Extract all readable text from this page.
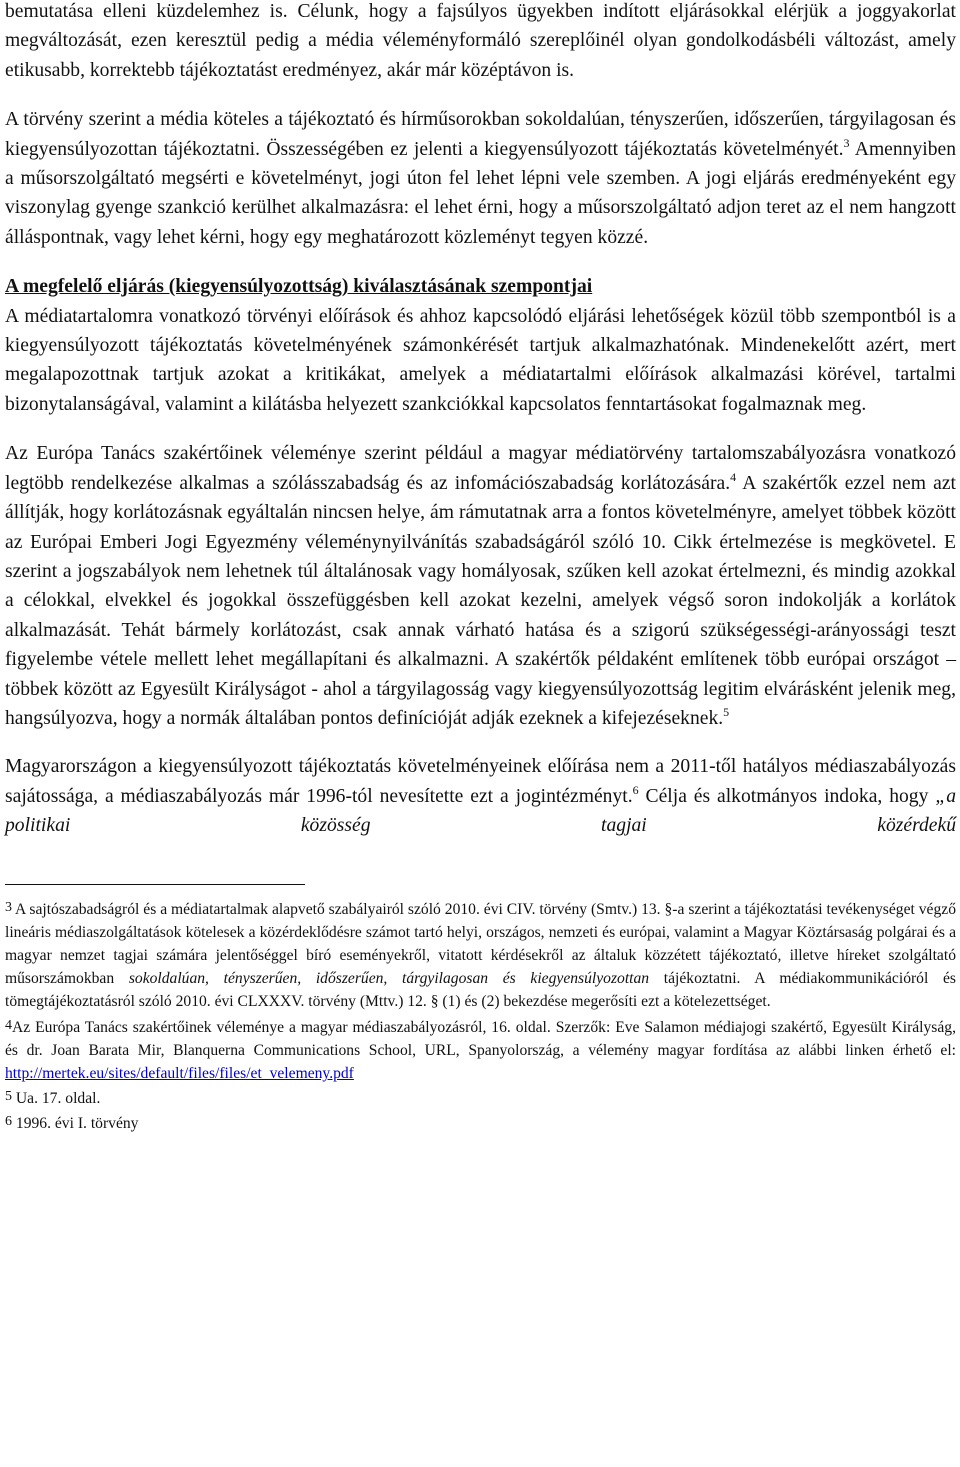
bemutatása elleni küzdelemhez is. Célunk, hogy a fajsúlyos ügyekben indított eljárásokkal elérjük a joggyakorlat megváltozását, ezen keresztül pedig a média véleményformáló szereplőinél olyan gondolkodásbéli változást, amely etikusabb, korrektebb tájékoztatást eredményez, akár már középtávon is.

A törvény szerint a média köteles a tájékoztató és hírműsorokban sokoldalúan, tényszerűen, időszerűen, tárgyilagosan és kiegyensúlyozottan tájékoztatni. Összességében ez jelenti a kiegyensúlyozott tájékoztatás követelményét.$^3$ Amennyiben a műsorszolgáltató megsérti e követelményt, jogi úton fel lehet lépni vele szemben. A jogi eljárás eredményeként egy viszonylag gyenge szankció kerülhet alkalmazásra: el lehet érni, hogy a műsorszolgáltató adjon teret az el nem hangzott álláspontnak, vagy lehet kérni, hogy egy meghatározott közleményt tegyen közzé.

A megfelelő eljárás (kiegyensúlyozottság) kiválasztásának szempontjai

A médiatartalomra vonatkozó törvényi előírások és ahhoz kapcsolódó eljárási lehetőségek közül több szempontból is a kiegyensúlyozott tájékoztatás követelményének számonkérését tartjuk alkalmazhatónak. Mindenekelőtt azért, mert megalapozottnak tartjuk azokat a kritikákat, amelyek a médiatartalmi előírások alkalmazási körével, tartalmi bizonytalanságával, valamint a kilátásba helyezett szankciókkal kapcsolatos fenntartásokat fogalmaznak meg.

Az Európa Tanács szakértőinek véleménye szerint például a magyar médiatörvény tartalomszabályozásra vonatkozó legtöbb rendelkezése alkalmas a szólásszabadság és az infomációszabadság korlátozására.$^4$ A szakértők ezzel nem azt állítják, hogy korlátozásnak egyáltalán nincsen helye, ám rámutatnak arra a fontos követelményre, amelyet többek között az Európai Emberi Jogi Egyezmény véleménynyilvánítás szabadságáról szóló 10. Cikk értelmezése is megkövetel. E szerint a jogszabályok nem lehetnek túl általánosak vagy homályosak, szűken kell azokat értelmezni, és mindig azokkal a célokkal, elvekkel és jogokkal összefüggésben kell azokat kezelni, amelyek végső soron indokolják a korlátok alkalmazását. Tehát bármely korlátozást, csak annak várható hatása és a szigorú szükségességi-arányossági teszt figyelembe vétele mellett lehet megállapítani és alkalmazni. A szakértők példaként említenek több európai országot – többek között az Egyesült Királyságot - ahol a tárgyilagosság vagy kiegyensúlyozottság legitim elvárásként jelenik meg, hangsúlyozva, hogy a normák általában pontos definícióját adják ezeknek a kifejezéseknek.$^5$

Magyarországon a kiegyensúlyozott tájékoztatás követelményeinek előírása nem a 2011-től hatályos médiaszabályozás sajátossága, a médiaszabályozás már 1996-tól nevesítette ezt a jogintézményt.$^6$ Célja és alkotmányos indoka, hogy „a politikai közösség tagjai közérdekű

3 A sajtószabadságról és a médiatartalmak alapvető szabályairól szóló 2010. évi CIV. törvény (Smtv.) 13. §-a szerint a tájékoztatási tevékenységet végző lineáris médiaszolgáltatások kötelesek a közérdeklődésre számot tartó helyi, országos, nemzeti és európai, valamint a Magyar Köztársaság polgárai és a magyar nemzet tagjai számára jelentőséggel bíró eseményekről, vitatott kérdésekről az általuk közzétett tájékoztató, illetve híreket szolgáltató műsorszámokban sokoldalúan, tényszerűen, időszerűen, tárgyilagosan és kiegyensúlyozottan tájékoztatni. A médiakommunikációról és tömegtájékoztatásról szóló 2010. évi CLXXXV. törvény (Mttv.) 12. § (1) és (2) bekezdése megerősíti ezt a kötelezettséget.

4Az Európa Tanács szakértőinek véleménye a magyar médiaszabályozásról, 16. oldal. Szerzők: Eve Salamon médiajogi szakértő, Egyesült Királyság, és dr. Joan Barata Mir, Blanquerna Communications School, URL, Spanyolország, a vélemény magyar fordítása az alábbi linken érhető el: http://mertek.eu/sites/default/files/files/et_velemeny.pdf

5 Ua. 17. oldal.

6 1996. évi I. törvény
